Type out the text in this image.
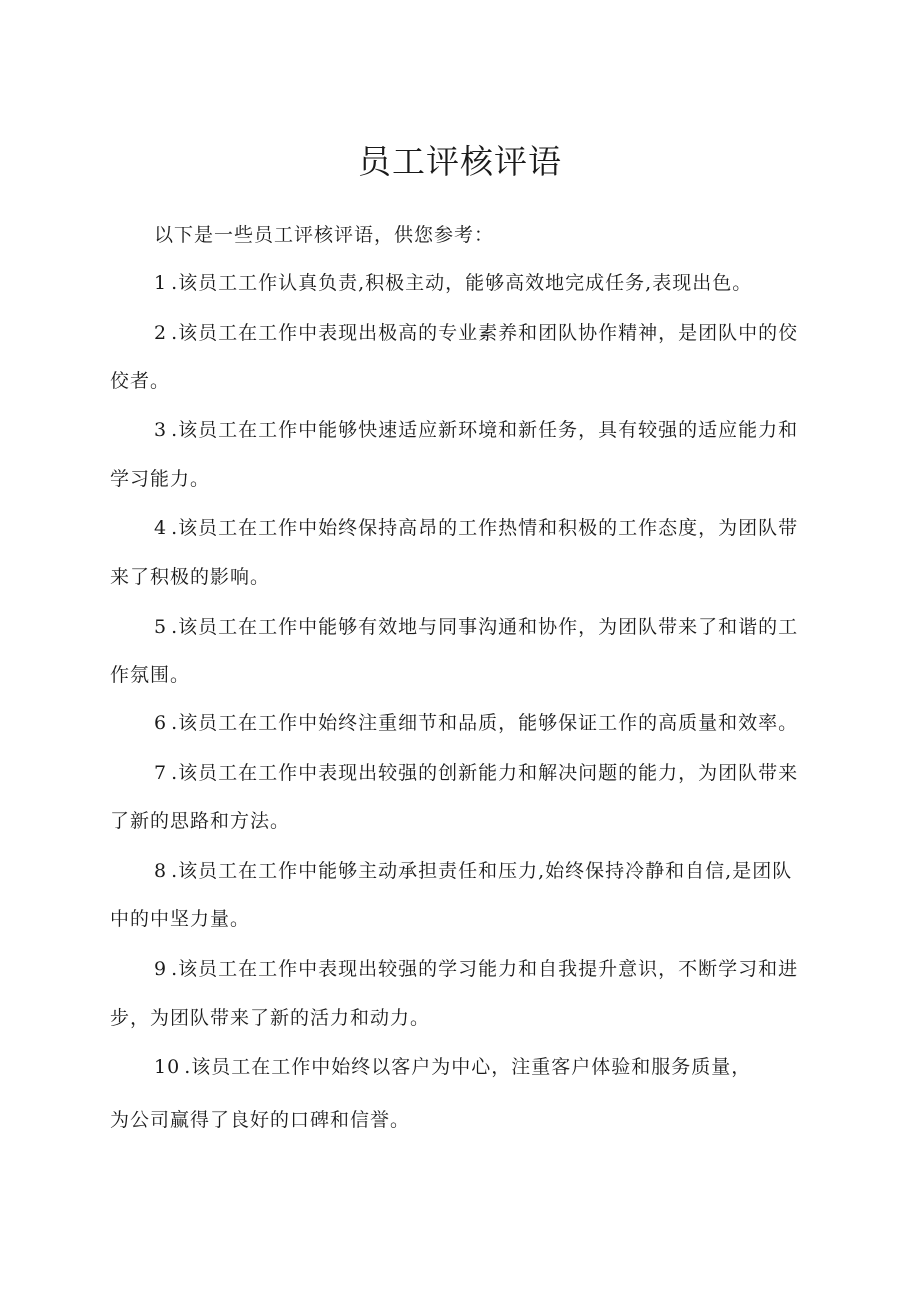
员工评核评语
以下是一些员工评核评语，供您参考：
1 .该员工工作认真负责,积极主动，能够高效地完成任务,表现出色。
2 .该员工在工作中表现出极高的专业素养和团队协作精神，是团队中的佼
佼者。
3 .该员工在工作中能够快速适应新环境和新任务，具有较强的适应能力和
学习能力。
4 .该员工在工作中始终保持高昂的工作热情和积极的工作态度，为团队带
来了积极的影响。
5 .该员工在工作中能够有效地与同事沟通和协作，为团队带来了和谐的工
作氛围。
6 .该员工在工作中始终注重细节和品质，能够保证工作的高质量和效率。
7 .该员工在工作中表现出较强的创新能力和解决问题的能力，为团队带来
了新的思路和方法。
8 .该员工在工作中能够主动承担责任和压力,始终保持冷静和自信,是团队
中的中坚力量。
9 .该员工在工作中表现出较强的学习能力和自我提升意识，不断学习和进
步，为团队带来了新的活力和动力。
10 .该员工在工作中始终以客户为中心，注重客户体验和服务质量，
为公司赢得了良好的口碑和信誉。
